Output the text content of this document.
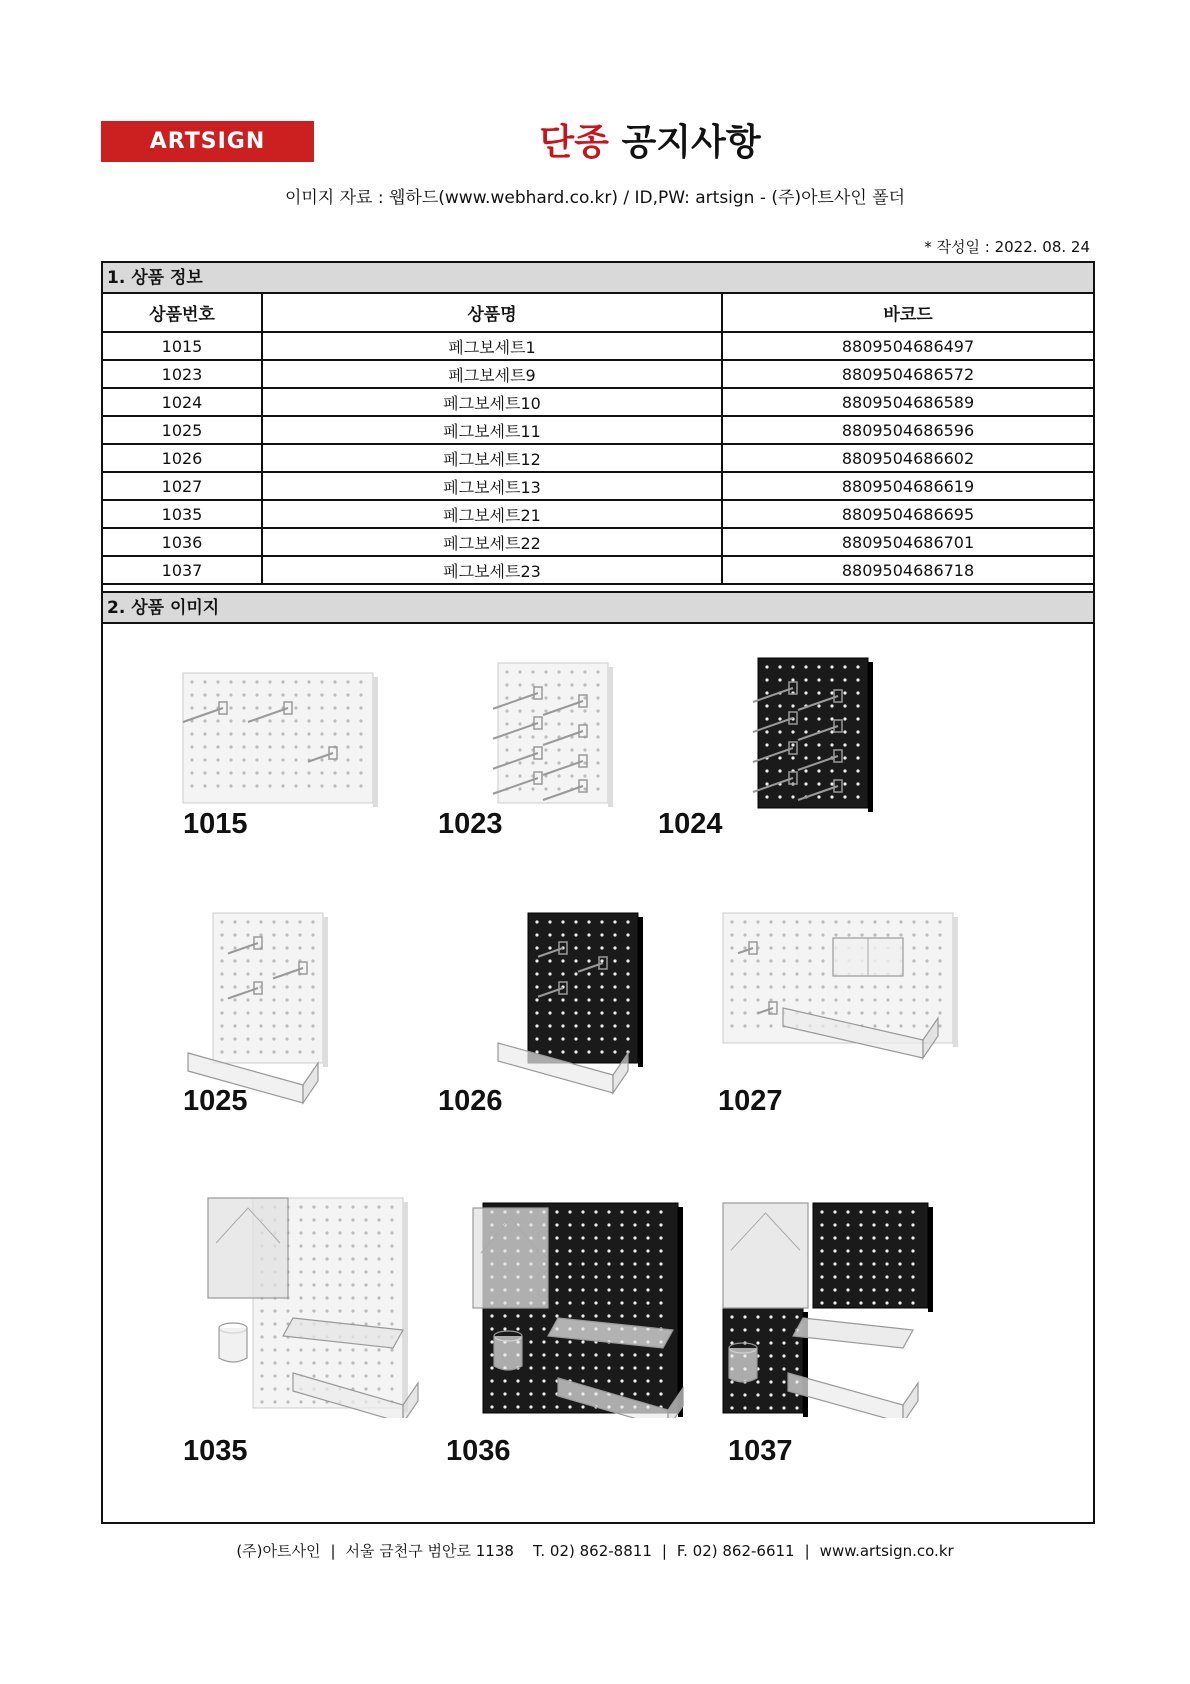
ARTSIGN	단종 공지사항
이미지 자료 : 웹하드(www.webhard.co.kr) / ID,PW: artsign - (주)아트사인 폴더
* 작성일 : 2022. 08. 24
1. 상품 정보
상품번호	상품명	바코드
1015	페그보세트1	8809504686497
1023	페그보세트9	8809504686572
1024	페그보세트10	8809504686589
1025	페그보세트11	8809504686596
1026	페그보세트12	8809504686602
1027	페그보세트13	8809504686619
1035	페그보세트21	8809504686695
1036	페그보세트22	8809504686701
1037	페그보세트23	8809504686718
2. 상품 이미지
1015	1023	1024
1025	1026	1027
1035	1036	1037
(주)아트사인 | 서울 금천구 범안로 1138 T. 02) 862-8811 | F. 02) 862-6611 | www.artsign.co.kr
